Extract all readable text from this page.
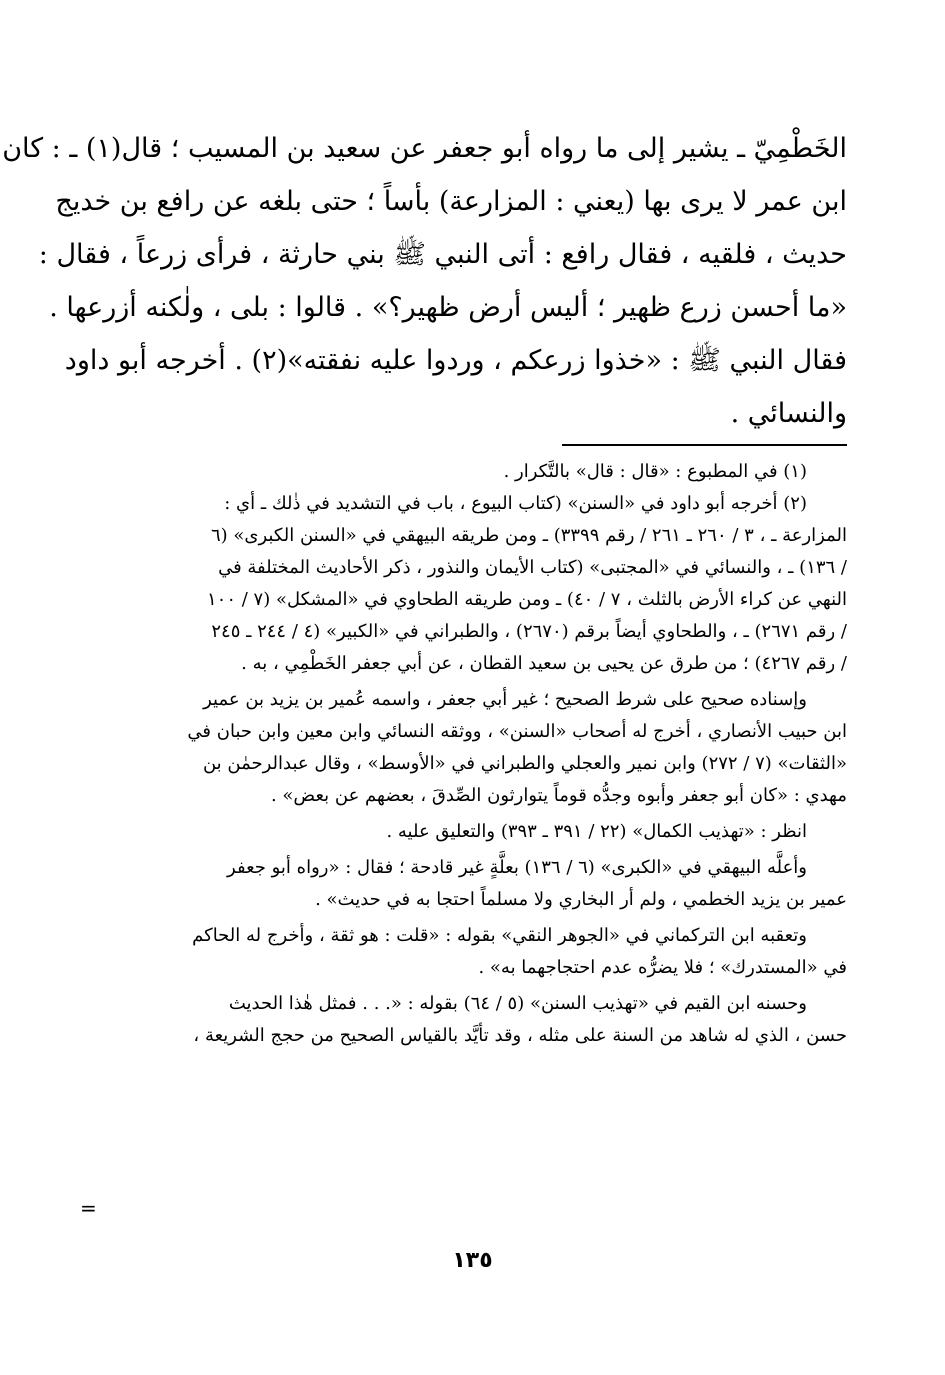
الخَطْمِيّ ـ يشير إلى ما رواه أبو جعفر عن سعيد بن المسيب ؛ قال(١) ـ : كان
ابن عمر لا يرى بها (يعني : المزارعة) بأساً ؛ حتى بلغه عن رافع بن خديج
حديث ، فلقيه ، فقال رافع : أتى النبي ﷺ بني حارثة ، فرأى زرعاً ، فقال :
«ما أحسن زرع ظهير ؛ أليس أرض ظهير؟» . قالوا : بلى ، ولٰكنه أزرعها .
فقال النبي ﷺ : «خذوا زرعكم ، وردوا عليه نفقته»(٢) . أخرجه أبو داود
والنسائي .
(١) في المطبوع : «قال : قال» بالتَّكرار .
(٢) أخرجه أبو داود في «السنن» (كتاب البيوع ، باب في التشديد في ذٰلك ـ أي :
المزارعة ـ ، ٣ / ٢٦٠ ـ ٢٦١ / رقم ٣٣٩٩) ـ ومن طريقه البيهقي في «السنن الكبرى» (٦
/ ١٣٦) ـ ، والنسائي في «المجتبى» (كتاب الأيمان والنذور ، ذكر الأحاديث المختلفة في
النهي عن كراء الأرض بالثلث ، ٧ / ٤٠) ـ ومن طريقه الطحاوي في «المشكل» (٧ / ١٠٠
/ رقم ٢٦٧١) ـ ، والطحاوي أيضاً برقم (٢٦٧٠) ، والطبراني في «الكبير» (٤ / ٢٤٤ ـ ٢٤٥
/ رقم ٤٢٦٧) ؛ من طرق عن يحيى بن سعيد القطان ، عن أبي جعفر الخَطْمِي ، به .
وإسناده صحيح على شرط الصحيح ؛ غير أبي جعفر ، واسمه عُمير بن يزيد بن عمير
ابن حبيب الأنصاري ، أخرج له أصحاب «السنن» ، ووثقه النسائي وابن معين وابن حبان في
«الثقات» (٧ / ٢٧٢) وابن نمير والعجلي والطبراني في «الأوسط» ، وقال عبدالرحمٰن بن
مهدي : «كان أبو جعفر وأبوه وجدُّه قوماً يتوارثون الصِّدقَ ، بعضهم عن بعض» .
انظر : «تهذيب الكمال» (٢٢ / ٣٩١ ـ ٣٩٣) والتعليق عليه .
وأعلَّه البيهقي في «الكبرى» (٦ / ١٣٦) بعلَّةٍ غير قادحة ؛ فقال : «رواه أبو جعفر
عمير بن يزيد الخطمي ، ولم أر البخاري ولا مسلماً احتجا به في حديث» .
وتعقبه ابن التركماني في «الجوهر النقي» بقوله : «قلت : هو ثقة ، وأخرج له الحاكم
في «المستدرك» ؛ فلا يضرُّه عدم احتجاجهما به» .
وحسنه ابن القيم في «تهذيب السنن» (٥ / ٦٤) بقوله : «. . . فمثل هٰذا الحديث
حسن ، الذي له شاهد من السنة على مثله ، وقد تأيَّد بالقياس الصحيح من حجج الشريعة ،
=
١٣٥
